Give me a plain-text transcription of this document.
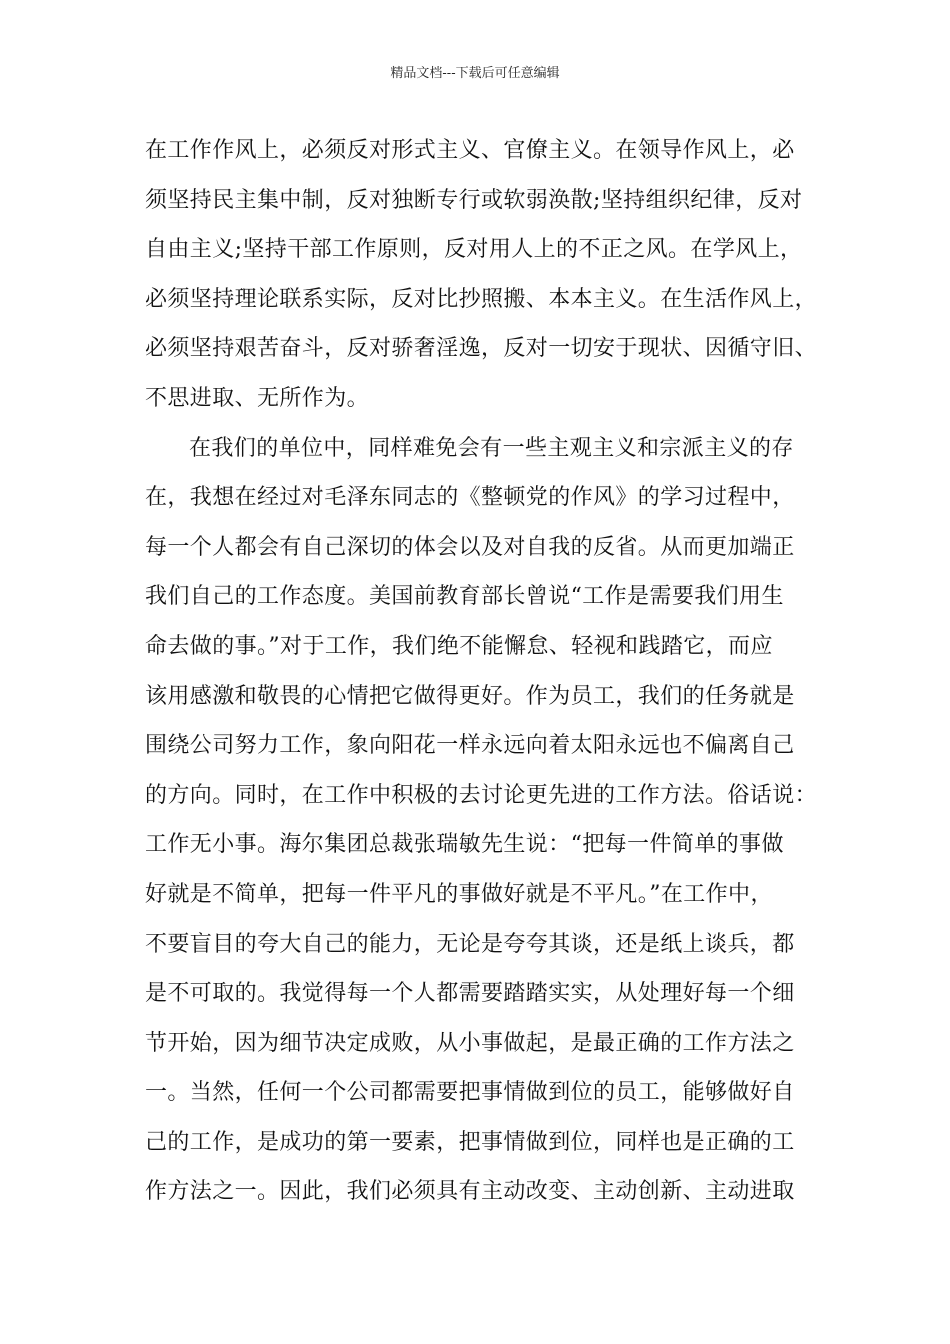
精品文档---下载后可任意编辑
在工作作风上，必须反对形式主义、官僚主义。在领导作风上，必
须坚持民主集中制，反对独断专行或软弱涣散;坚持组织纪律，反对
自由主义;坚持干部工作原则，反对用人上的不正之风。在学风上，
必须坚持理论联系实际，反对比抄照搬、本本主义。在生活作风上，
必须坚持艰苦奋斗，反对骄奢淫逸，反对一切安于现状、因循守旧、
不思进取、无所作为。
在我们的单位中，同样难免会有一些主观主义和宗派主义的存
在，我想在经过对毛泽东同志的《整顿党的作风》的学习过程中，
每一个人都会有自己深切的体会以及对自我的反省。从而更加端正
我们自己的工作态度。美国前教育部长曾说“工作是需要我们用生
命去做的事。”对于工作，我们绝不能懈怠、轻视和践踏它，而应
该用感激和敬畏的心情把它做得更好。作为员工，我们的任务就是
围绕公司努力工作，象向阳花一样永远向着太阳永远也不偏离自己
的方向。同时，在工作中积极的去讨论更先进的工作方法。俗话说：
工作无小事。海尔集团总裁张瑞敏先生说：“把每一件简单的事做
好就是不简单，把每一件平凡的事做好就是不平凡。”在工作中，
不要盲目的夸大自己的能力，无论是夸夸其谈，还是纸上谈兵，都
是不可取的。我觉得每一个人都需要踏踏实实，从处理好每一个细
节开始，因为细节决定成败，从小事做起，是最正确的工作方法之
一。当然，任何一个公司都需要把事情做到位的员工，能够做好自
己的工作，是成功的第一要素，把事情做到位，同样也是正确的工
作方法之一。因此，我们必须具有主动改变、主动创新、主动进取
